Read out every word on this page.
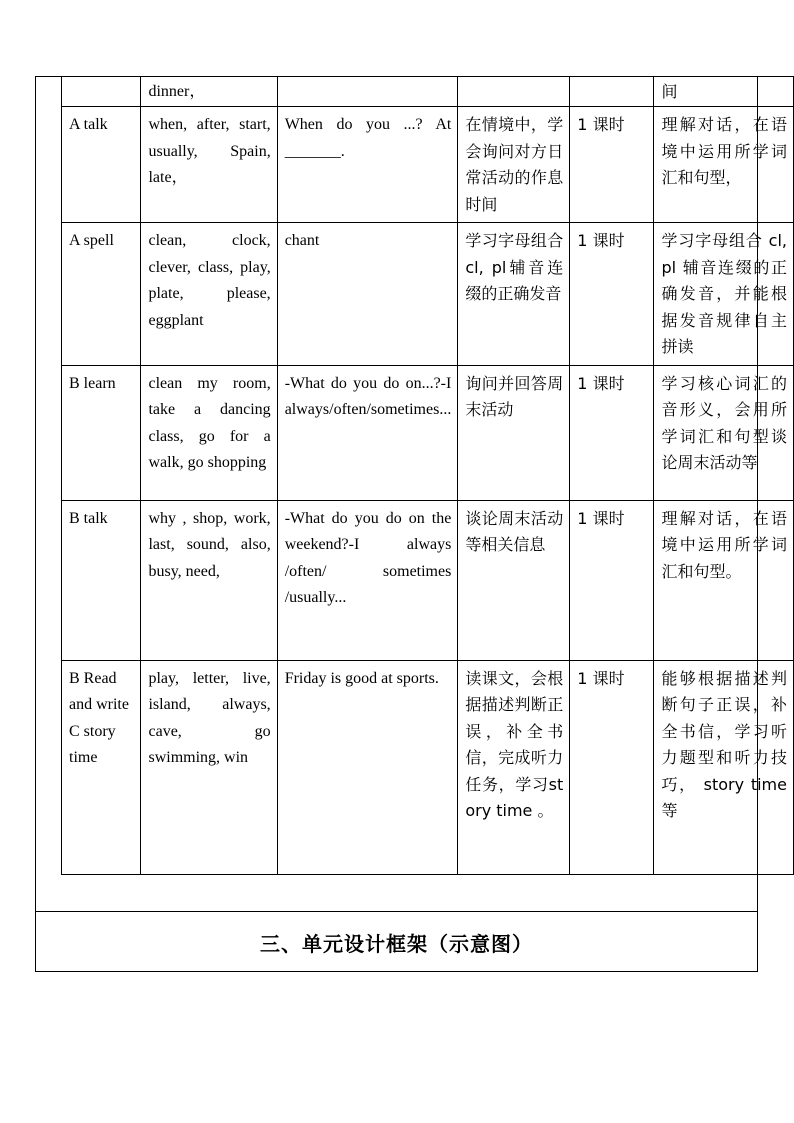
	dinner，				间
A talk	when, after, start, usually, Spain, late，	When do you ...? At _______.	在情境中，学会询问对方日常活动的作息时间	1 课时	理解对话，在语境中运用所学词汇和句型，
A spell	clean, clock, clever, class, play, plate, please, eggplant	chant	学习字母组合cl, pl辅音连缀的正确发音	1 课时	学习字母组合 cl, pl 辅音连缀的正确发音，并能根据发音规律自主拼读
B learn	clean my room, take a dancing class, go for a walk, go shopping	-What do you do on...?-I always/often/sometimes...	询问并回答周末活动	1 课时	学习核心词汇的音形义，会用所学词汇和句型谈论周末活动等
B talk	why , shop, work, last, sound, also, busy, need,	-What do you do on the weekend?-I always /often/ sometimes /usually...	谈论周末活动等相关信息	1 课时	理解对话，在语境中运用所学词汇和句型。
B Read and write C story time	play, letter, live, island, always, cave, go swimming, win	Friday is good at sports.	读课文，会根据描述判断正误，补全书信，完成听力任务，学习story time 。	1 课时	能够根据描述判断句子正误，补全书信，学习听力题型和听力技巧， story time 等
三、单元设计框架（示意图）
